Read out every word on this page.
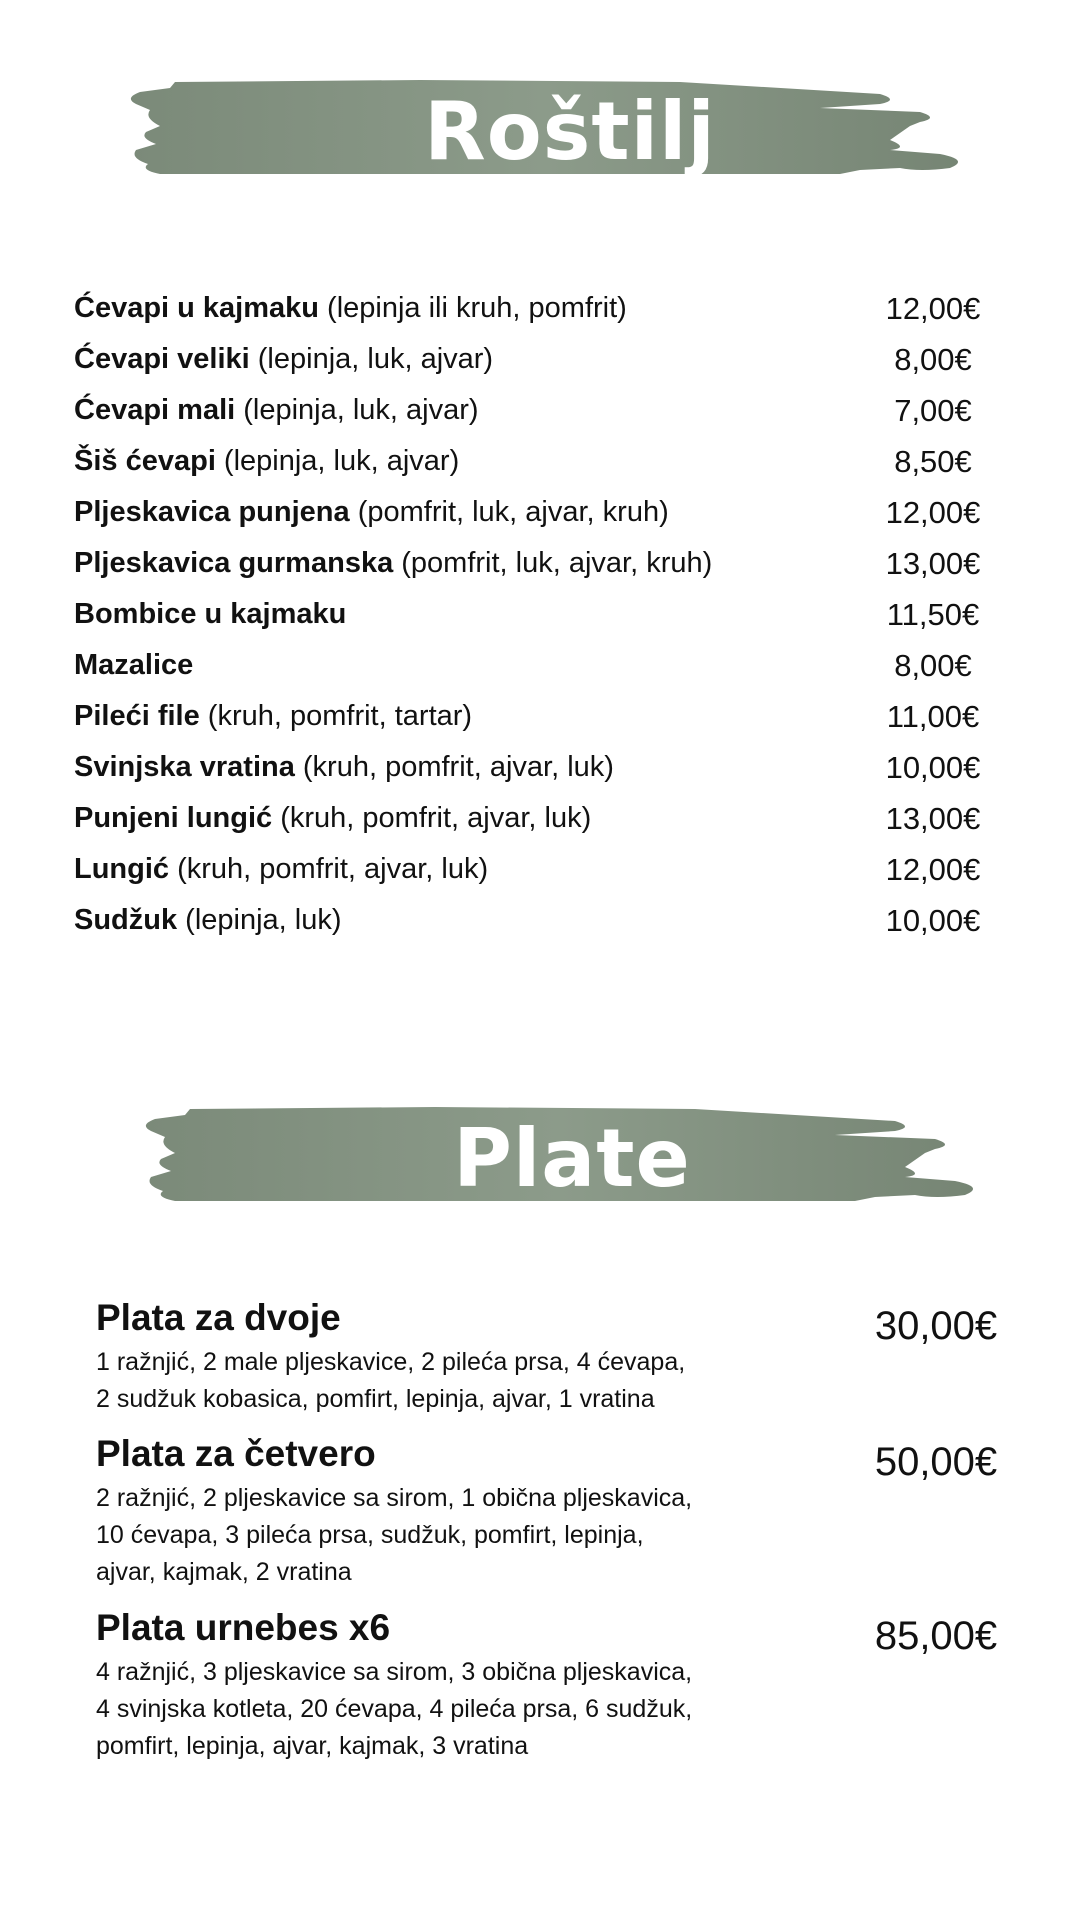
Roštilj
Ćevapi u kajmaku (lepinja ili kruh, pomfrit)	12,00€
Ćevapi veliki (lepinja, luk, ajvar)	8,00€
Ćevapi mali (lepinja, luk, ajvar)	7,00€
Šiš ćevapi (lepinja, luk, ajvar)	8,50€
Pljeskavica punjena (pomfrit, luk, ajvar, kruh)	12,00€
Pljeskavica gurmanska (pomfrit, luk, ajvar, kruh)	13,00€
Bombice u kajmaku	11,50€
Mazalice	8,00€
Pileći file (kruh, pomfrit, tartar)	11,00€
Svinjska vratina (kruh, pomfrit, ajvar, luk)	10,00€
Punjeni lungić (kruh, pomfrit, ajvar, luk)	13,00€
Lungić (kruh, pomfrit, ajvar, luk)	12,00€
Sudžuk (lepinja, luk)	10,00€
Plate
Plata za dvoje
1 ražnjić, 2 male pljeskavice, 2 pileća prsa, 4 ćevapa,
2 sudžuk kobasica, pomfirt, lepinja, ajvar, 1 vratina
30,00€
Plata za četvero
2 ražnjić, 2 pljeskavice sa sirom, 1 obična pljeskavica,
10 ćevapa, 3 pileća prsa, sudžuk, pomfirt, lepinja,
ajvar, kajmak, 2 vratina
50,00€
Plata urnebes x6
4 ražnjić, 3 pljeskavice sa sirom, 3 obična pljeskavica,
4 svinjska kotleta, 20 ćevapa, 4 pileća prsa, 6 sudžuk,
pomfirt, lepinja, ajvar, kajmak, 3 vratina
85,00€
